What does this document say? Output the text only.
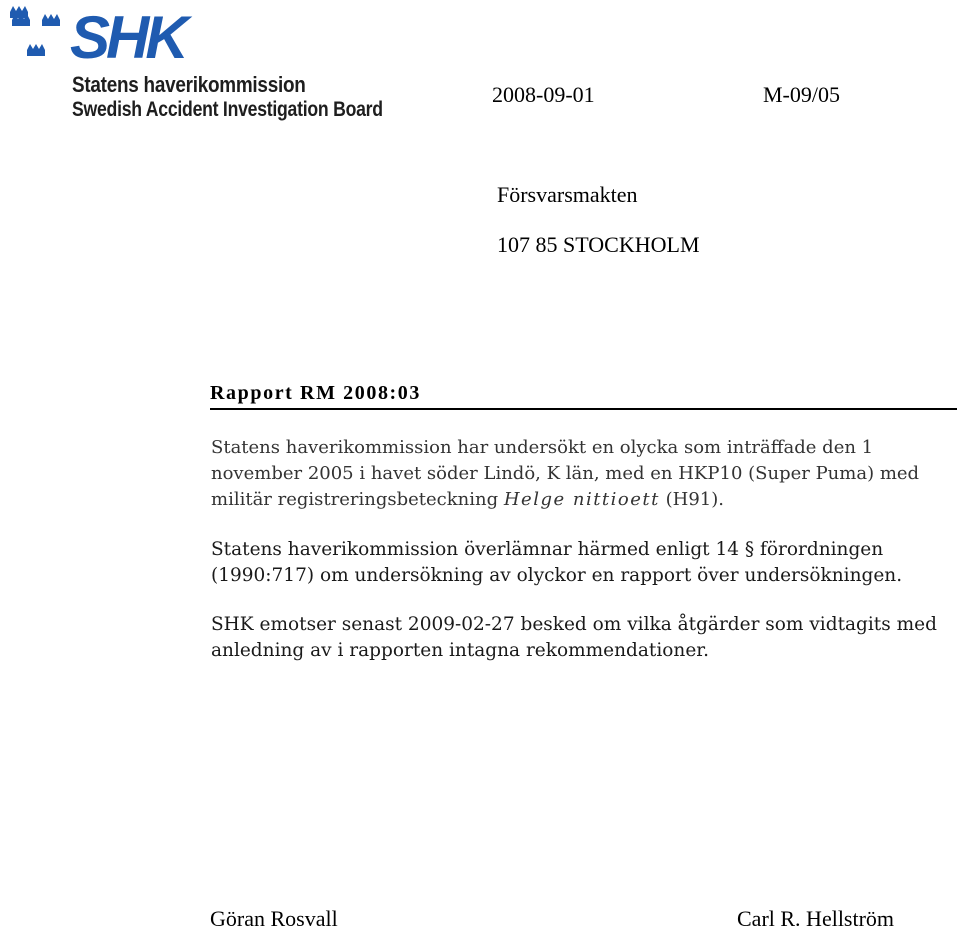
SHK
Statens haverikommission
Swedish Accident Investigation Board
2008-09-01	M-09/05
Försvarsmakten
107 85 STOCKHOLM
Rapport RM 2008:03
Statens haverikommission har undersökt en olycka som inträffade den 1 november 2005 i havet söder Lindö, K län, med en HKP10 (Super Puma) med militär registreringsbeteckning Helge nittioett (H91).
Statens haverikommission överlämnar härmed enligt 14 § förordningen (1990:717) om undersökning av olyckor en rapport över undersökningen.
SHK emotser senast 2009-02-27 besked om vilka åtgärder som vidtagits med anledning av i rapporten intagna rekommendationer.
Göran Rosvall	Carl R. Hellström
